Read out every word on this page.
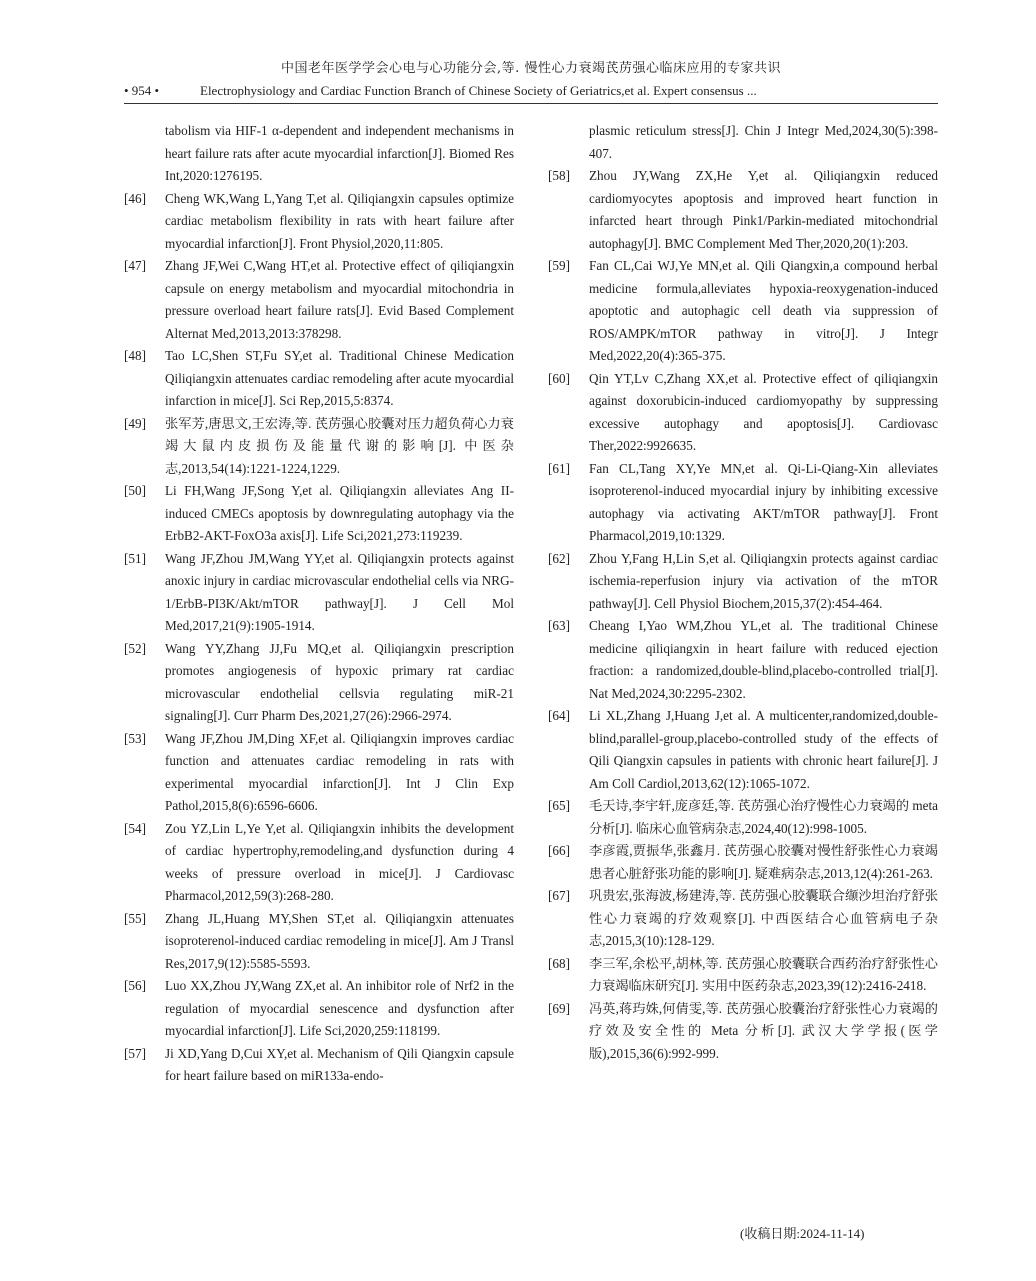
中国老年医学学会心电与心功能分会,等. 慢性心力衰竭芪苈强心临床应用的专家共识
• 954 •	Electrophysiology and Cardiac Function Branch of Chinese Society of Geriatrics,et al. Expert consensus ...
tabolism via HIF-1 α-dependent and independent mechanisms in heart failure rats after acute myocardial infarction[J]. Biomed Res Int,2020:1276195.
[46]	Cheng WK,Wang L,Yang T,et al. Qiliqiangxin capsules optimize cardiac metabolism flexibility in rats with heart failure after myocardial infarction[J]. Front Physiol,2020,11:805.
[47]	Zhang JF,Wei C,Wang HT,et al. Protective effect of qiliqiangxin capsule on energy metabolism and myocardial mitochondria in pressure overload heart failure rats[J]. Evid Based Complement Alternat Med,2013,2013:378298.
[48]	Tao LC,Shen ST,Fu SY,et al. Traditional Chinese Medication Qiliqiangxin attenuates cardiac remodeling after acute myocardial infarction in mice[J]. Sci Rep,2015,5:8374.
[49]	张军芳,唐思文,王宏涛,等. 芪苈强心胶囊对压力超负荷心力衰竭大鼠内皮损伤及能量代谢的影响[J]. 中医杂志,2013,54(14):1221-1224,1229.
[50]	Li FH,Wang JF,Song Y,et al. Qiliqiangxin alleviates Ang II-induced CMECs apoptosis by downregulating autophagy via the ErbB2-AKT-FoxO3a axis[J]. Life Sci,2021,273:119239.
[51]	Wang JF,Zhou JM,Wang YY,et al. Qiliqiangxin protects against anoxic injury in cardiac microvascular endothelial cells via NRG-1/ErbB-PI3K/Akt/mTOR pathway[J]. J Cell Mol Med,2017,21(9):1905-1914.
[52]	Wang YY,Zhang JJ,Fu MQ,et al. Qiliqiangxin prescription promotes angiogenesis of hypoxic primary rat cardiac microvascular endothelial cellsvia regulating miR-21 signaling[J]. Curr Pharm Des,2021,27(26):2966-2974.
[53]	Wang JF,Zhou JM,Ding XF,et al. Qiliqiangxin improves cardiac function and attenuates cardiac remodeling in rats with experimental myocardial infarction[J]. Int J Clin Exp Pathol,2015,8(6):6596-6606.
[54]	Zou YZ,Lin L,Ye Y,et al. Qiliqiangxin inhibits the development of cardiac hypertrophy,remodeling,and dysfunction during 4 weeks of pressure overload in mice[J]. J Cardiovasc Pharmacol,2012,59(3):268-280.
[55]	Zhang JL,Huang MY,Shen ST,et al. Qiliqiangxin attenuates isoproterenol-induced cardiac remodeling in mice[J]. Am J Transl Res,2017,9(12):5585-5593.
[56]	Luo XX,Zhou JY,Wang ZX,et al. An inhibitor role of Nrf2 in the regulation of myocardial senescence and dysfunction after myocardial infarction[J]. Life Sci,2020,259:118199.
[57]	Ji XD,Yang D,Cui XY,et al. Mechanism of Qili Qiangxin capsule for heart failure based on miR133a-endo-
plasmic reticulum stress[J]. Chin J Integr Med,2024,30(5):398-407.
[58]	Zhou JY,Wang ZX,He Y,et al. Qiliqiangxin reduced cardiomyocytes apoptosis and improved heart function in infarcted heart through Pink1/Parkin-mediated mitochondrial autophagy[J]. BMC Complement Med Ther,2020,20(1):203.
[59]	Fan CL,Cai WJ,Ye MN,et al. Qili Qiangxin,a compound herbal medicine formula,alleviates hypoxia-reoxygenation-induced apoptotic and autophagic cell death via suppression of ROS/AMPK/mTOR pathway in vitro[J]. J Integr Med,2022,20(4):365-375.
[60]	Qin YT,Lv C,Zhang XX,et al. Protective effect of qiliqiangxin against doxorubicin-induced cardiomyopathy by suppressing excessive autophagy and apoptosis[J]. Cardiovasc Ther,2022:9926635.
[61]	Fan CL,Tang XY,Ye MN,et al. Qi-Li-Qiang-Xin alleviates isoproterenol-induced myocardial injury by inhibiting excessive autophagy via activating AKT/mTOR pathway[J]. Front Pharmacol,2019,10:1329.
[62]	Zhou Y,Fang H,Lin S,et al. Qiliqiangxin protects against cardiac ischemia-reperfusion injury via activation of the mTOR pathway[J]. Cell Physiol Biochem,2015,37(2):454-464.
[63]	Cheang I,Yao WM,Zhou YL,et al. The traditional Chinese medicine qiliqiangxin in heart failure with reduced ejection fraction: a randomized,double-blind,placebo-controlled trial[J]. Nat Med,2024,30:2295-2302.
[64]	Li XL,Zhang J,Huang J,et al. A multicenter,randomized,double-blind,parallel-group,placebo-controlled study of the effects of Qili Qiangxin capsules in patients with chronic heart failure[J]. J Am Coll Cardiol,2013,62(12):1065-1072.
[65]	毛天诗,李宇轩,庞彦廷,等. 芪苈强心治疗慢性心力衰竭的 meta 分析[J]. 临床心血管病杂志,2024,40(12):998-1005.
[66]	李彦霞,贾振华,张鑫月. 芪苈强心胶囊对慢性舒张性心力衰竭患者心脏舒张功能的影响[J]. 疑难病杂志,2013,12(4):261-263.
[67]	巩贵宏,张海波,杨建涛,等. 芪苈强心胶囊联合缬沙坦治疗舒张性心力衰竭的疗效观察[J]. 中西医结合心血管病电子杂志,2015,3(10):128-129.
[68]	李三军,余松平,胡林,等. 芪苈强心胶囊联合西药治疗舒张性心力衰竭临床研究[J]. 实用中医药杂志,2023,39(12):2416-2418.
[69]	冯英,蒋玙姝,何倩雯,等. 芪苈强心胶囊治疗舒张性心力衰竭的疗效及安全性的 Meta 分析[J]. 武汉大学学报(医学版),2015,36(6):992-999.
(收稿日期:2024-11-14)
